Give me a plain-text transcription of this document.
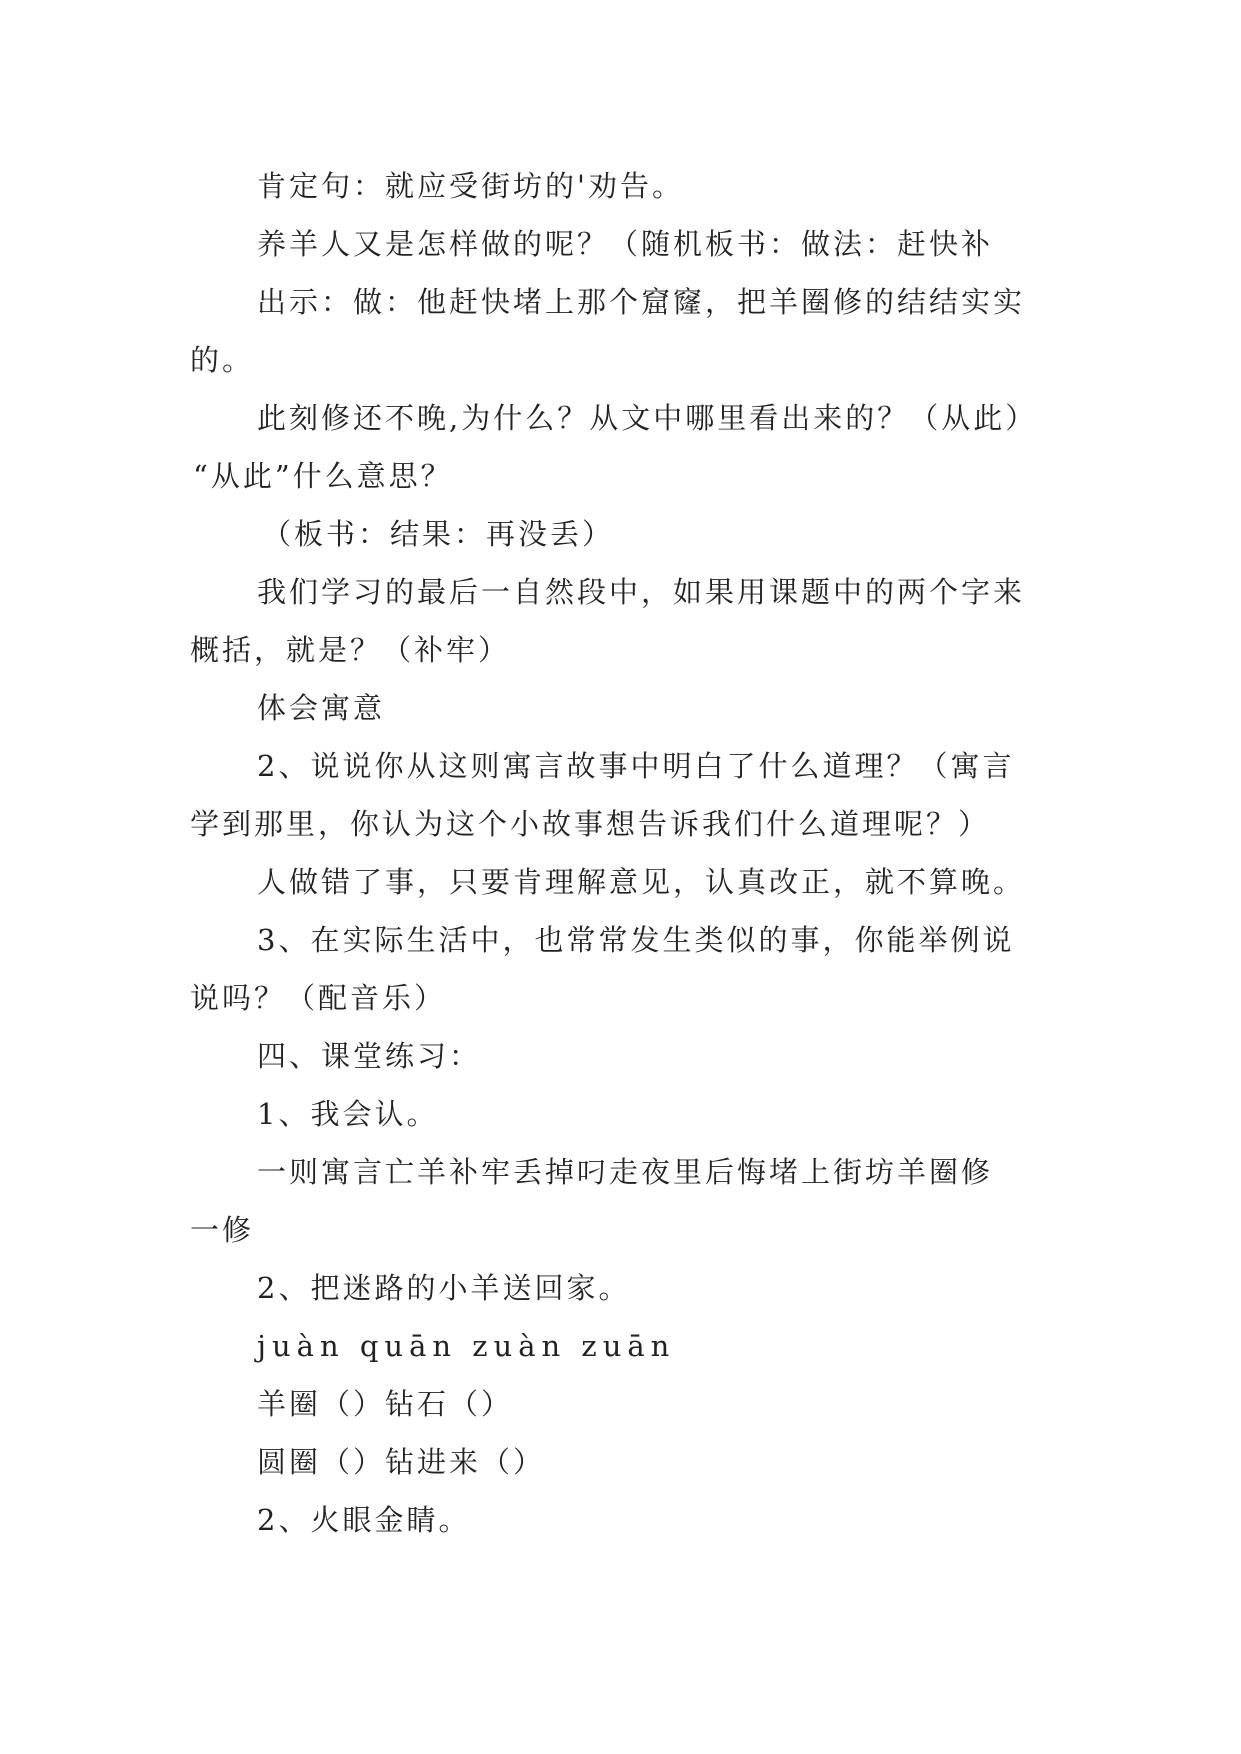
肯定句：就应受街坊的'劝告。
养羊人又是怎样做的呢？（随机板书：做法：赶快补
出示：做：他赶快堵上那个窟窿，把羊圈修的结结实实
的。
此刻修还不晚,为什么？从文中哪里看出来的？（从此）
“从此”什么意思？
（板书：结果：再没丢）
我们学习的最后一自然段中，如果用课题中的两个字来
概括，就是？（补牢）
体会寓意
2、说说你从这则寓言故事中明白了什么道理？（寓言
学到那里，你认为这个小故事想告诉我们什么道理呢？）
人做错了事，只要肯理解意见，认真改正，就不算晚。
3、在实际生活中，也常常发生类似的事，你能举例说
说吗？（配音乐）
四、课堂练习：
1、我会认。
一则寓言亡羊补牢丢掉叼走夜里后悔堵上街坊羊圈修
一修
2、把迷路的小羊送回家。
juàn quān zuàn zuān
羊圈（）钻石（）
圆圈（）钻进来（）
2、火眼金睛。
